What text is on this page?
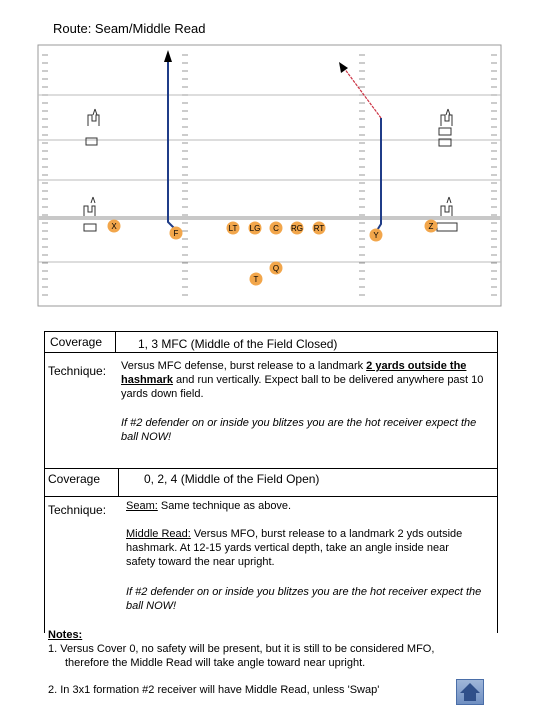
Route: Seam/Middle Read
X
F
LT LG C RG RT
Y
Z
Q
T
Coverage	1, 3 MFC (Middle of the Field Closed)
Technique: Versus MFC defense, burst release to a landmark 2 yards outside the hashmark and run vertically. Expect ball to be delivered anywhere past 10 yards down field.
If #2 defender on or inside you blitzes you are the hot receiver expect the ball NOW!
Coverage	0, 2, 4 (Middle of the Field Open)
Technique: Seam: Same technique as above.
Middle Read: Versus MFO, burst release to a landmark 2 yds outside hashmark. At 12-15 yards vertical depth, take an angle inside near safety toward the near upright.
If #2 defender on or inside you blitzes you are the hot receiver expect the ball NOW!
Notes:
1. Versus Cover 0, no safety will be present, but it is still to be considered MFO,
therefore the Middle Read will take angle toward near upright.
2. In 3x1 formation #2 receiver will have Middle Read, unless 'Swap'
